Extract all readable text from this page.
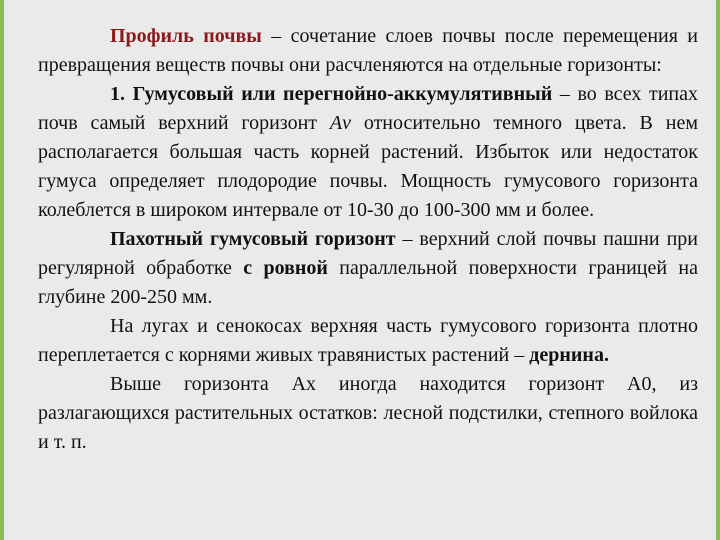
Профиль почвы – сочетание слоев почвы после перемещения и превращения веществ почвы они расчленяются на отдельные горизонты:

1. Гумусовый или перегнойно-аккумулятивный – во всех типах почв самый верхний горизонт Аv относительно темного цвета. В нем располагается большая часть корней растений. Избыток или недостаток гумуса определяет плодородие почвы. Мощность гумусового горизонта колеблется в широком интервале от 10-30 до 100-300 мм и более.

Пахотный гумусовый горизонт – верхний слой почвы пашни при регулярной обработке с ровной параллельной поверхности границей на глубине 200-250 мм.

На лугах и сенокосах верхняя часть гумусового горизонта плотно переплетается с корнями живых травянистых растений – дернина.

Выше горизонта Ах иногда находится горизонт А0, из разлагающихся растительных остатков: лесной подстилки, степного войлока и т. п.
